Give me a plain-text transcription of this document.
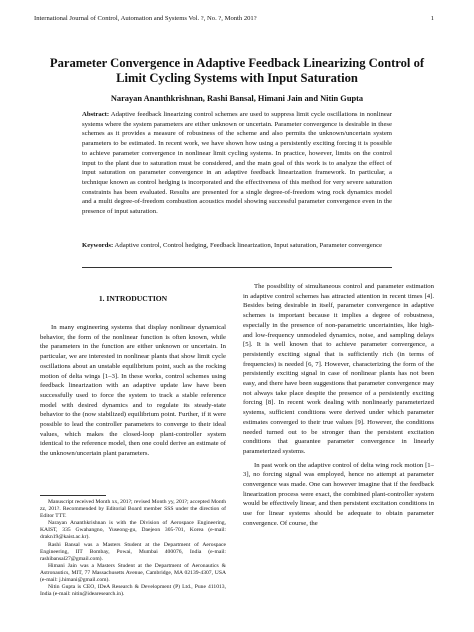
International Journal of Control, Automation and Systems Vol. ?, No. ?, Month 201?	1
Parameter Convergence in Adaptive Feedback Linearizing Control of Limit Cycling Systems with Input Saturation
Narayan Ananthkrishnan, Rashi Bansal, Himani Jain and Nitin Gupta
Abstract: Adaptive feedback linearizing control schemes are used to suppress limit cycle oscillations in nonlinear systems where the system parameters are either unknown or uncertain. Parameter convergence is desirable in these schemes as it provides a measure of robustness of the scheme and also permits the unknown/uncertain system parameters to be estimated. In recent work, we have shown how using a persistently exciting forcing it is possible to achieve parameter convergence in nonlinear limit cycling systems. In practice, however, limits on the control input to the plant due to saturation must be considered, and the main goal of this work is to analyze the effect of input saturation on parameter convergence in an adaptive feedback linearization framework. In particular, a technique known as control hedging is incorporated and the effectiveness of this method for very severe saturation constraints has been evaluated. Results are presented for a single degree-of-freedom wing rock dynamics model and a multi degree-of-freedom combustion acoustics model showing successful parameter convergence even in the presence of input saturation.
Keywords: Adaptive control, Control hedging, Feedback linearization, Input saturation, Parameter convergence
1. INTRODUCTION

In many engineering systems that display nonlinear dynamical behavior, the form of the nonlinear function is often known, while the parameters in the function are either unknown or uncertain. In particular, we are interested in nonlinear plants that show limit cycle oscillations about an unstable equilibrium point, such as the rocking motion of delta wings [1–3]. In these works, control schemes using feedback linearization with an adaptive update law have been successfully used to force the system to track a stable reference model with desired dynamics and to regulate its steady-state behavior to the (now stabilized) equilibrium point. Further, if it were possible to lead the controller parameters to converge to their ideal values, which makes the closed-loop plant-controller system identical to the reference model, then one could derive an estimate of the unknown/uncertain plant parameters.

Manuscript received Month xx, 201?; revised Month yy, 201?; accepted Month zz, 201?. Recommended by Editorial Board member SSS under the direction of Editor TTT.

Narayan Ananthkrishnan is with the Division of Aerospace Engineering, KAIST, 335 Gwahangno, Yuseong-gu, Daejeon 305-701, Korea (e-mail: drakn19@kaist.ac.kr).

Rashi Bansal was a Masters Student at the Department of Aerospace Engineering, IIT Bombay, Powai, Mumbai 400076, India (e-mail: rashibansal27@gmail.com).

Himani Jain was a Masters Student at the Department of Aeronautics & Astronautics, MIT, 77 Massachusetts Avenue, Cambridge, MA 02139-4307, USA (e-mail: j.himani@gmail.com).

Nitin Gupta is CEO, IDeA Research & Development (P) Ltd., Pune 411013, India (e-mail: nitin@idearesearch.in).

The possibility of simultaneous control and parameter estimation in adaptive control schemes has attracted attention in recent times [4]. Besides being desirable in itself, parameter convergence in adaptive schemes is important because it implies a degree of robustness, especially in the presence of non-parametric uncertainties, like high- and low-frequency unmodeled dynamics, noise, and sampling delays [5]. It is well known that to achieve parameter convergence, a persistently exciting signal that is sufficiently rich (in terms of frequencies) is needed [6, 7]. However, characterizing the form of the persistently exciting signal in case of nonlinear plants has not been easy, and there have been suggestions that parameter convergence may not always take place despite the presence of a persistently exciting forcing [8]. In recent work dealing with nonlinearly parameterized systems, sufficient conditions were derived under which parameter estimates converged to their true values [9]. However, the conditions needed turned out to be stronger than the persistent excitation conditions that guarantee parameter convergence in linearly parameterized systems.

In past work on the adaptive control of delta wing rock motion [1–3], no forcing signal was employed, hence no attempt at parameter convergence was made. One can however imagine that if the feedback linearization process were exact, the combined plant-controller system would be effectively linear, and then persistent excitation conditions in use for linear systems should be adequate to obtain parameter convergence. Of course, the
